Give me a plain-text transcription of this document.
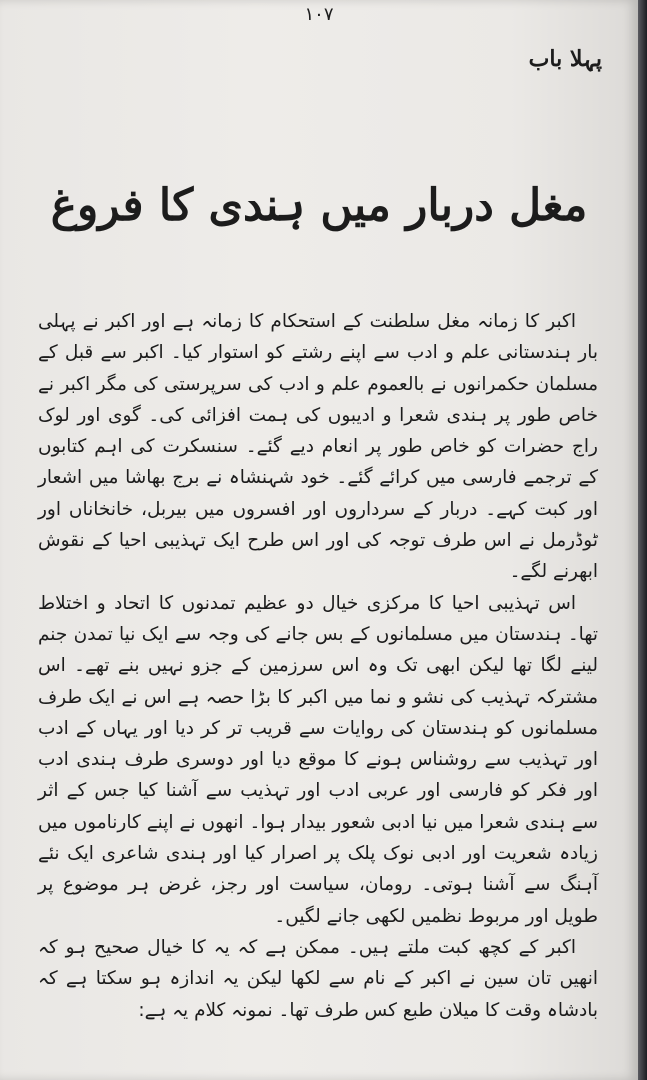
۱۰۷
پہلا باب
مغل دربار میں ہندی کا فروغ

اکبر کا زمانہ مغل سلطنت کے استحکام کا زمانہ ہے اور اکبر نے پہلی بار ہندستانی علم و ادب سے اپنے رشتے کو استوار کیا۔ اکبر سے قبل کے مسلمان حکمرانوں نے بالعموم علم و ادب کی سرپرستی کی مگر اکبر نے خاص طور پر ہندی شعرا و ادیبوں کی ہمت افزائی کی۔ گوی اور لوک راج حضرات کو خاص طور پر انعام دیے گئے۔ سنسکرت کی اہم کتابوں کے ترجمے فارسی میں کرائے گئے۔ خود شہنشاہ نے برج بھاشا میں اشعار اور کبت کہے۔ دربار کے سرداروں اور افسروں میں بیربل، خانخاناں اور ٹوڈرمل نے اس طرف توجہ کی اور اس طرح ایک تہذیبی احیا کے نقوش ابھرنے لگے۔

اس تہذیبی احیا کا مرکزی خیال دو عظیم تمدنوں کا اتحاد و اختلاط تھا۔ ہندستان میں مسلمانوں کے بس جانے کی وجہ سے ایک نیا تمدن جنم لینے لگا تھا لیکن ابھی تک وہ اس سرزمین کے جزو نہیں بنے تھے۔ اس مشترکہ تہذیب کی نشو و نما میں اکبر کا بڑا حصہ ہے اس نے ایک طرف مسلمانوں کو ہندستان کی روایات سے قریب تر کر دیا اور یہاں کے ادب اور تہذیب سے روشناس ہونے کا موقع دیا اور دوسری طرف ہندی ادب اور فکر کو فارسی اور عربی ادب اور تہذیب سے آشنا کیا جس کے اثر سے ہندی شعرا میں نیا ادبی شعور بیدار ہوا۔ انھوں نے اپنے کارناموں میں زیادہ شعریت اور ادبی نوک پلک پر اصرار کیا اور ہندی شاعری ایک نئے آہنگ سے آشنا ہوتی۔ رومان، سیاست اور رجز، غرض ہر موضوع پر طویل اور مربوط نظمیں لکھی جانے لگیں۔

اکبر کے کچھ کبت ملتے ہیں۔ ممکن ہے کہ یہ کا خیال صحیح ہو کہ انھیں تان سین نے اکبر کے نام سے لکھا لیکن یہ اندازہ ہو سکتا ہے کہ بادشاہ وقت کا میلان طبع کس طرف تھا۔ نمونہ کلام یہ ہے:
